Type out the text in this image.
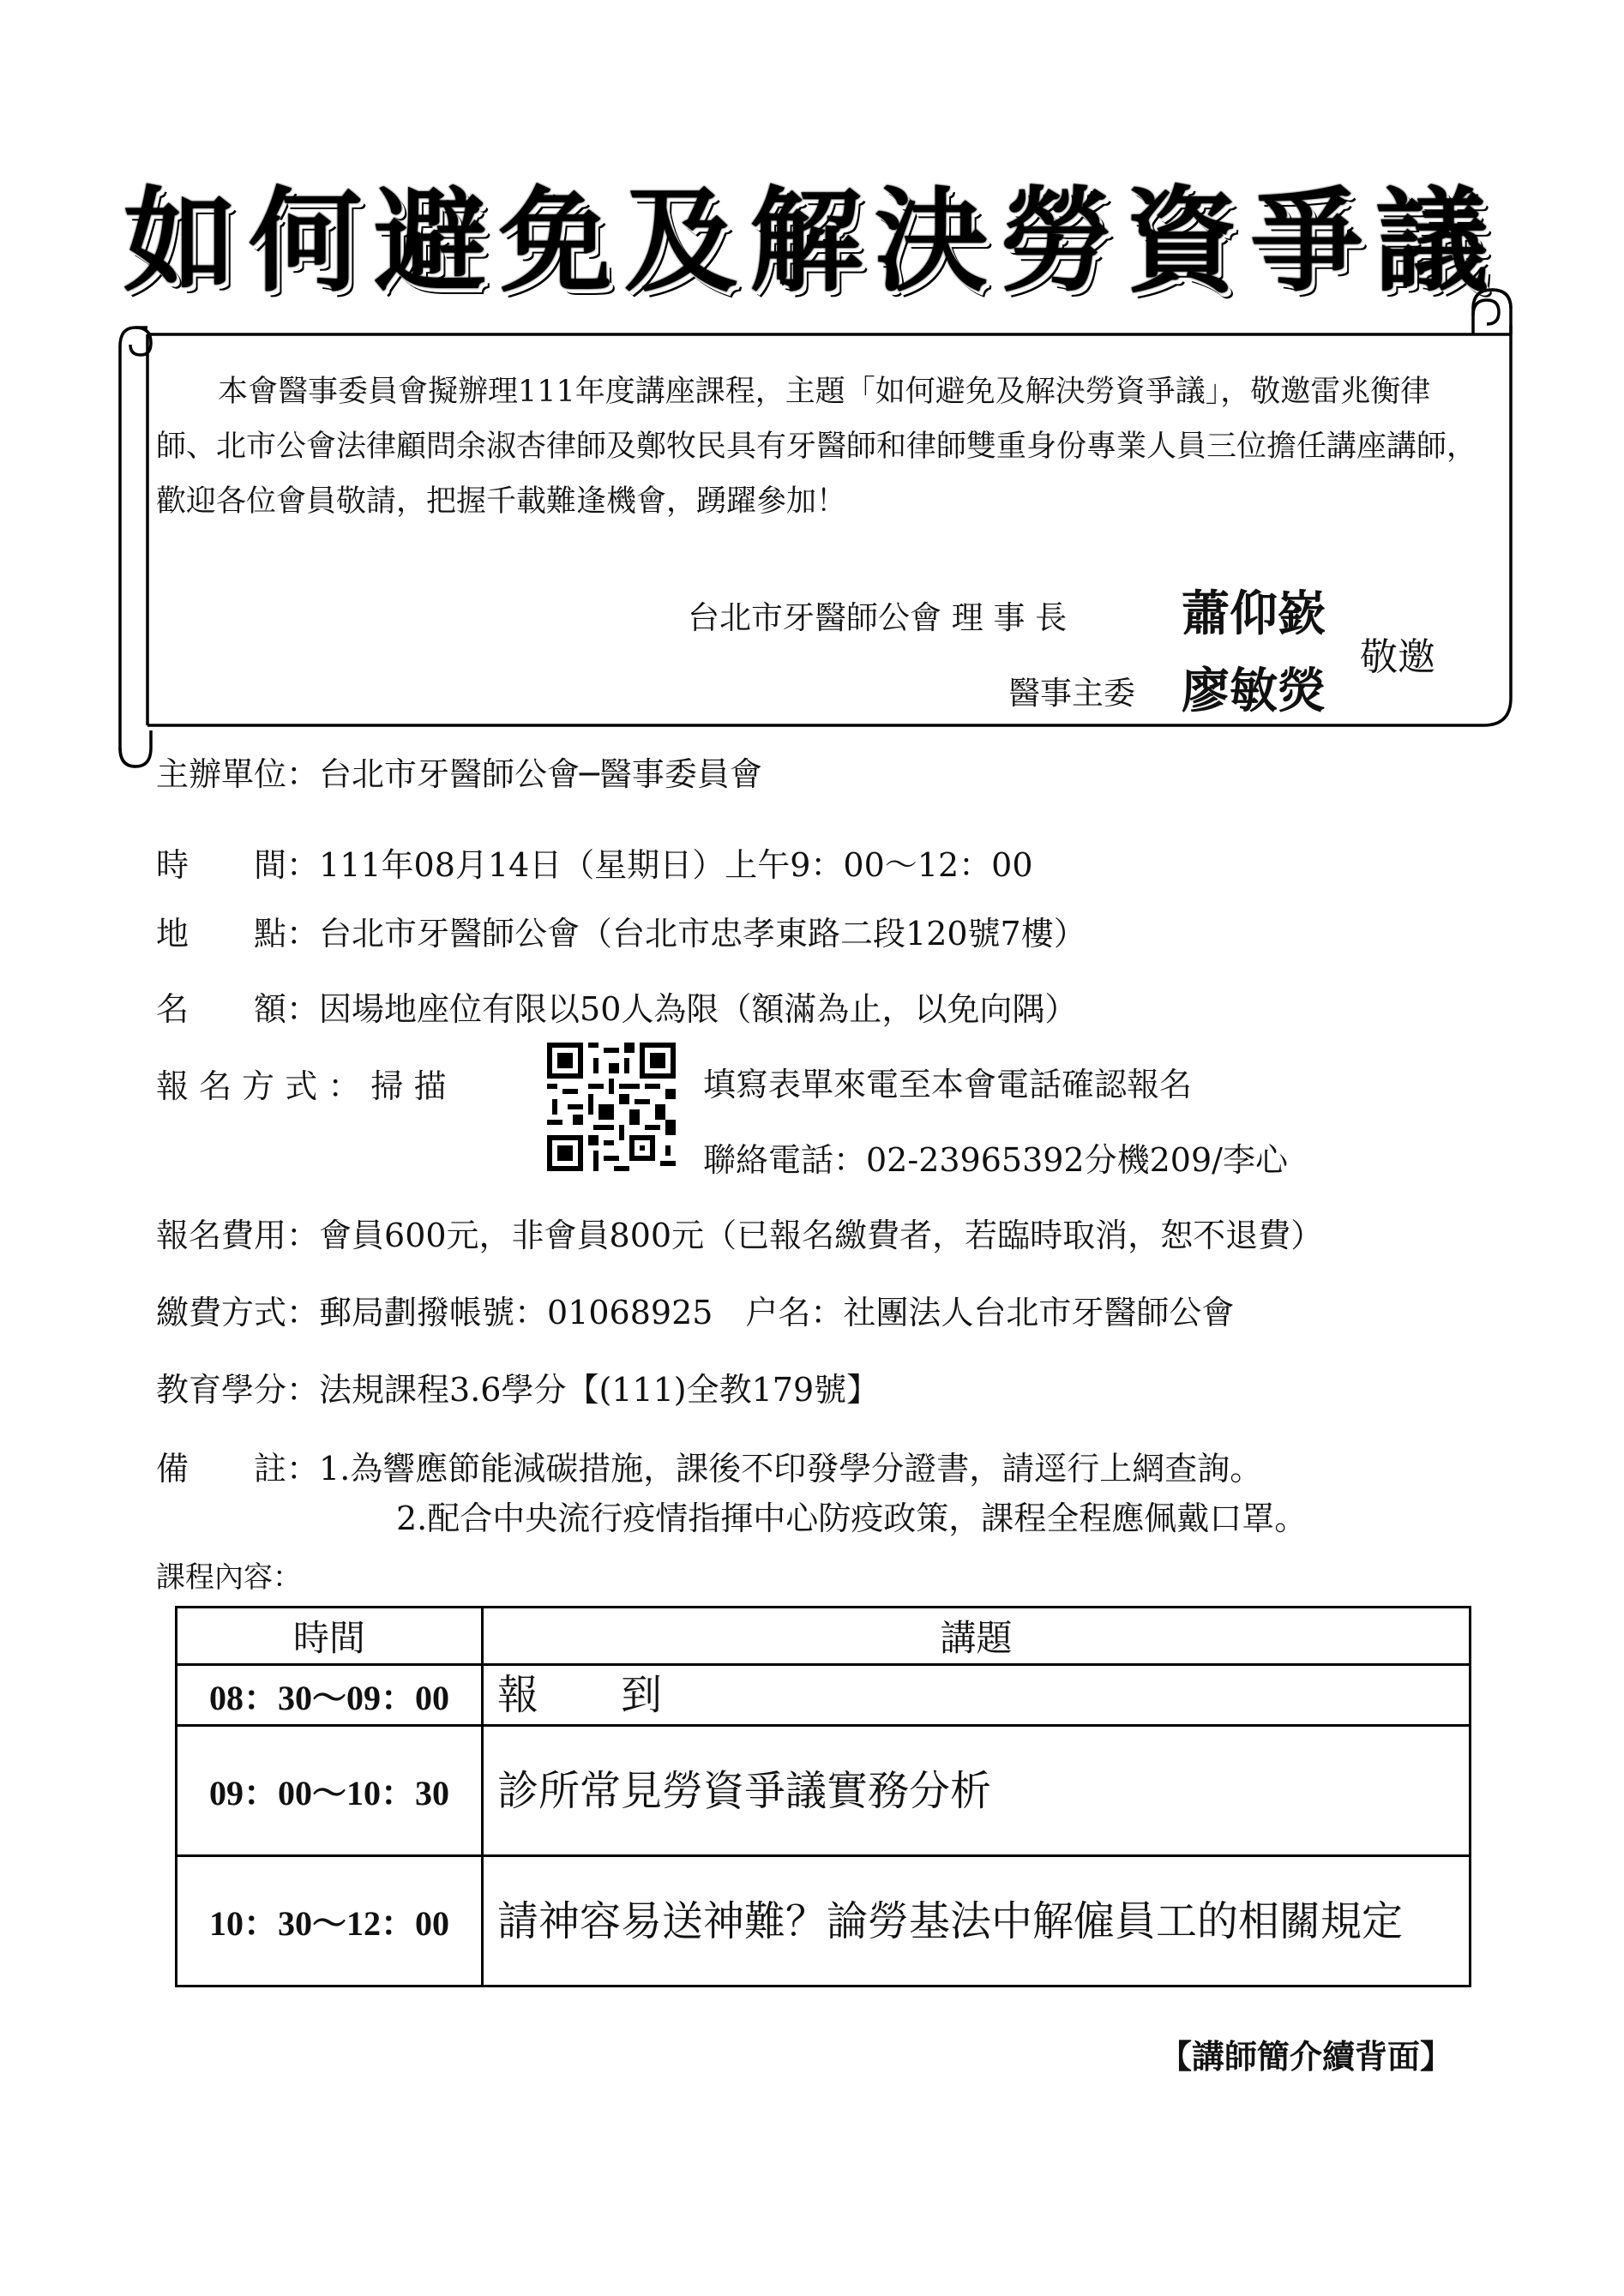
如何避免及解決勞資爭議
本會醫事委員會擬辦理111年度講座課程，主題「如何避免及解決勞資爭議」，敬邀雷兆衡律師、北市公會法律顧問余淑杏律師及鄭牧民具有牙醫師和律師雙重身份專業人員三位擔任講座講師，歡迎各位會員敬請，把握千載難逢機會，踴躍參加！
台北市牙醫師公會 理 事 長 蕭仰嶔
醫事主委 廖敏熒
敬邀
主辦單位：台北市牙醫師公會─醫事委員會
時　　間：111年08月14日（星期日）上午9：00～12：00
地　　點：台北市牙醫師公會（台北市忠孝東路二段120號7樓）
名　　額：因場地座位有限以50人為限（額滿為止，以免向隅）
報 名 方 式 ： 掃 描	填寫表單來電至本會電話確認報名
聯絡電話：02-23965392分機209/李心
報名費用：會員600元，非會員800元（已報名繳費者，若臨時取消，恕不退費）
繳費方式：郵局劃撥帳號：01068925　户名：社團法人台北市牙醫師公會
教育學分：法規課程3.6學分【(111)全教179號】
備　　註：1.為響應節能減碳措施，課後不印發學分證書，請逕行上網查詢。
2.配合中央流行疫情指揮中心防疫政策，課程全程應佩戴口罩。
課程內容：
時間	講題
08：30～09：00	報　　到
09：00～10：30	診所常見勞資爭議實務分析
10：30～12：00	請神容易送神難？論勞基法中解僱員工的相關規定
【講師簡介續背面】
